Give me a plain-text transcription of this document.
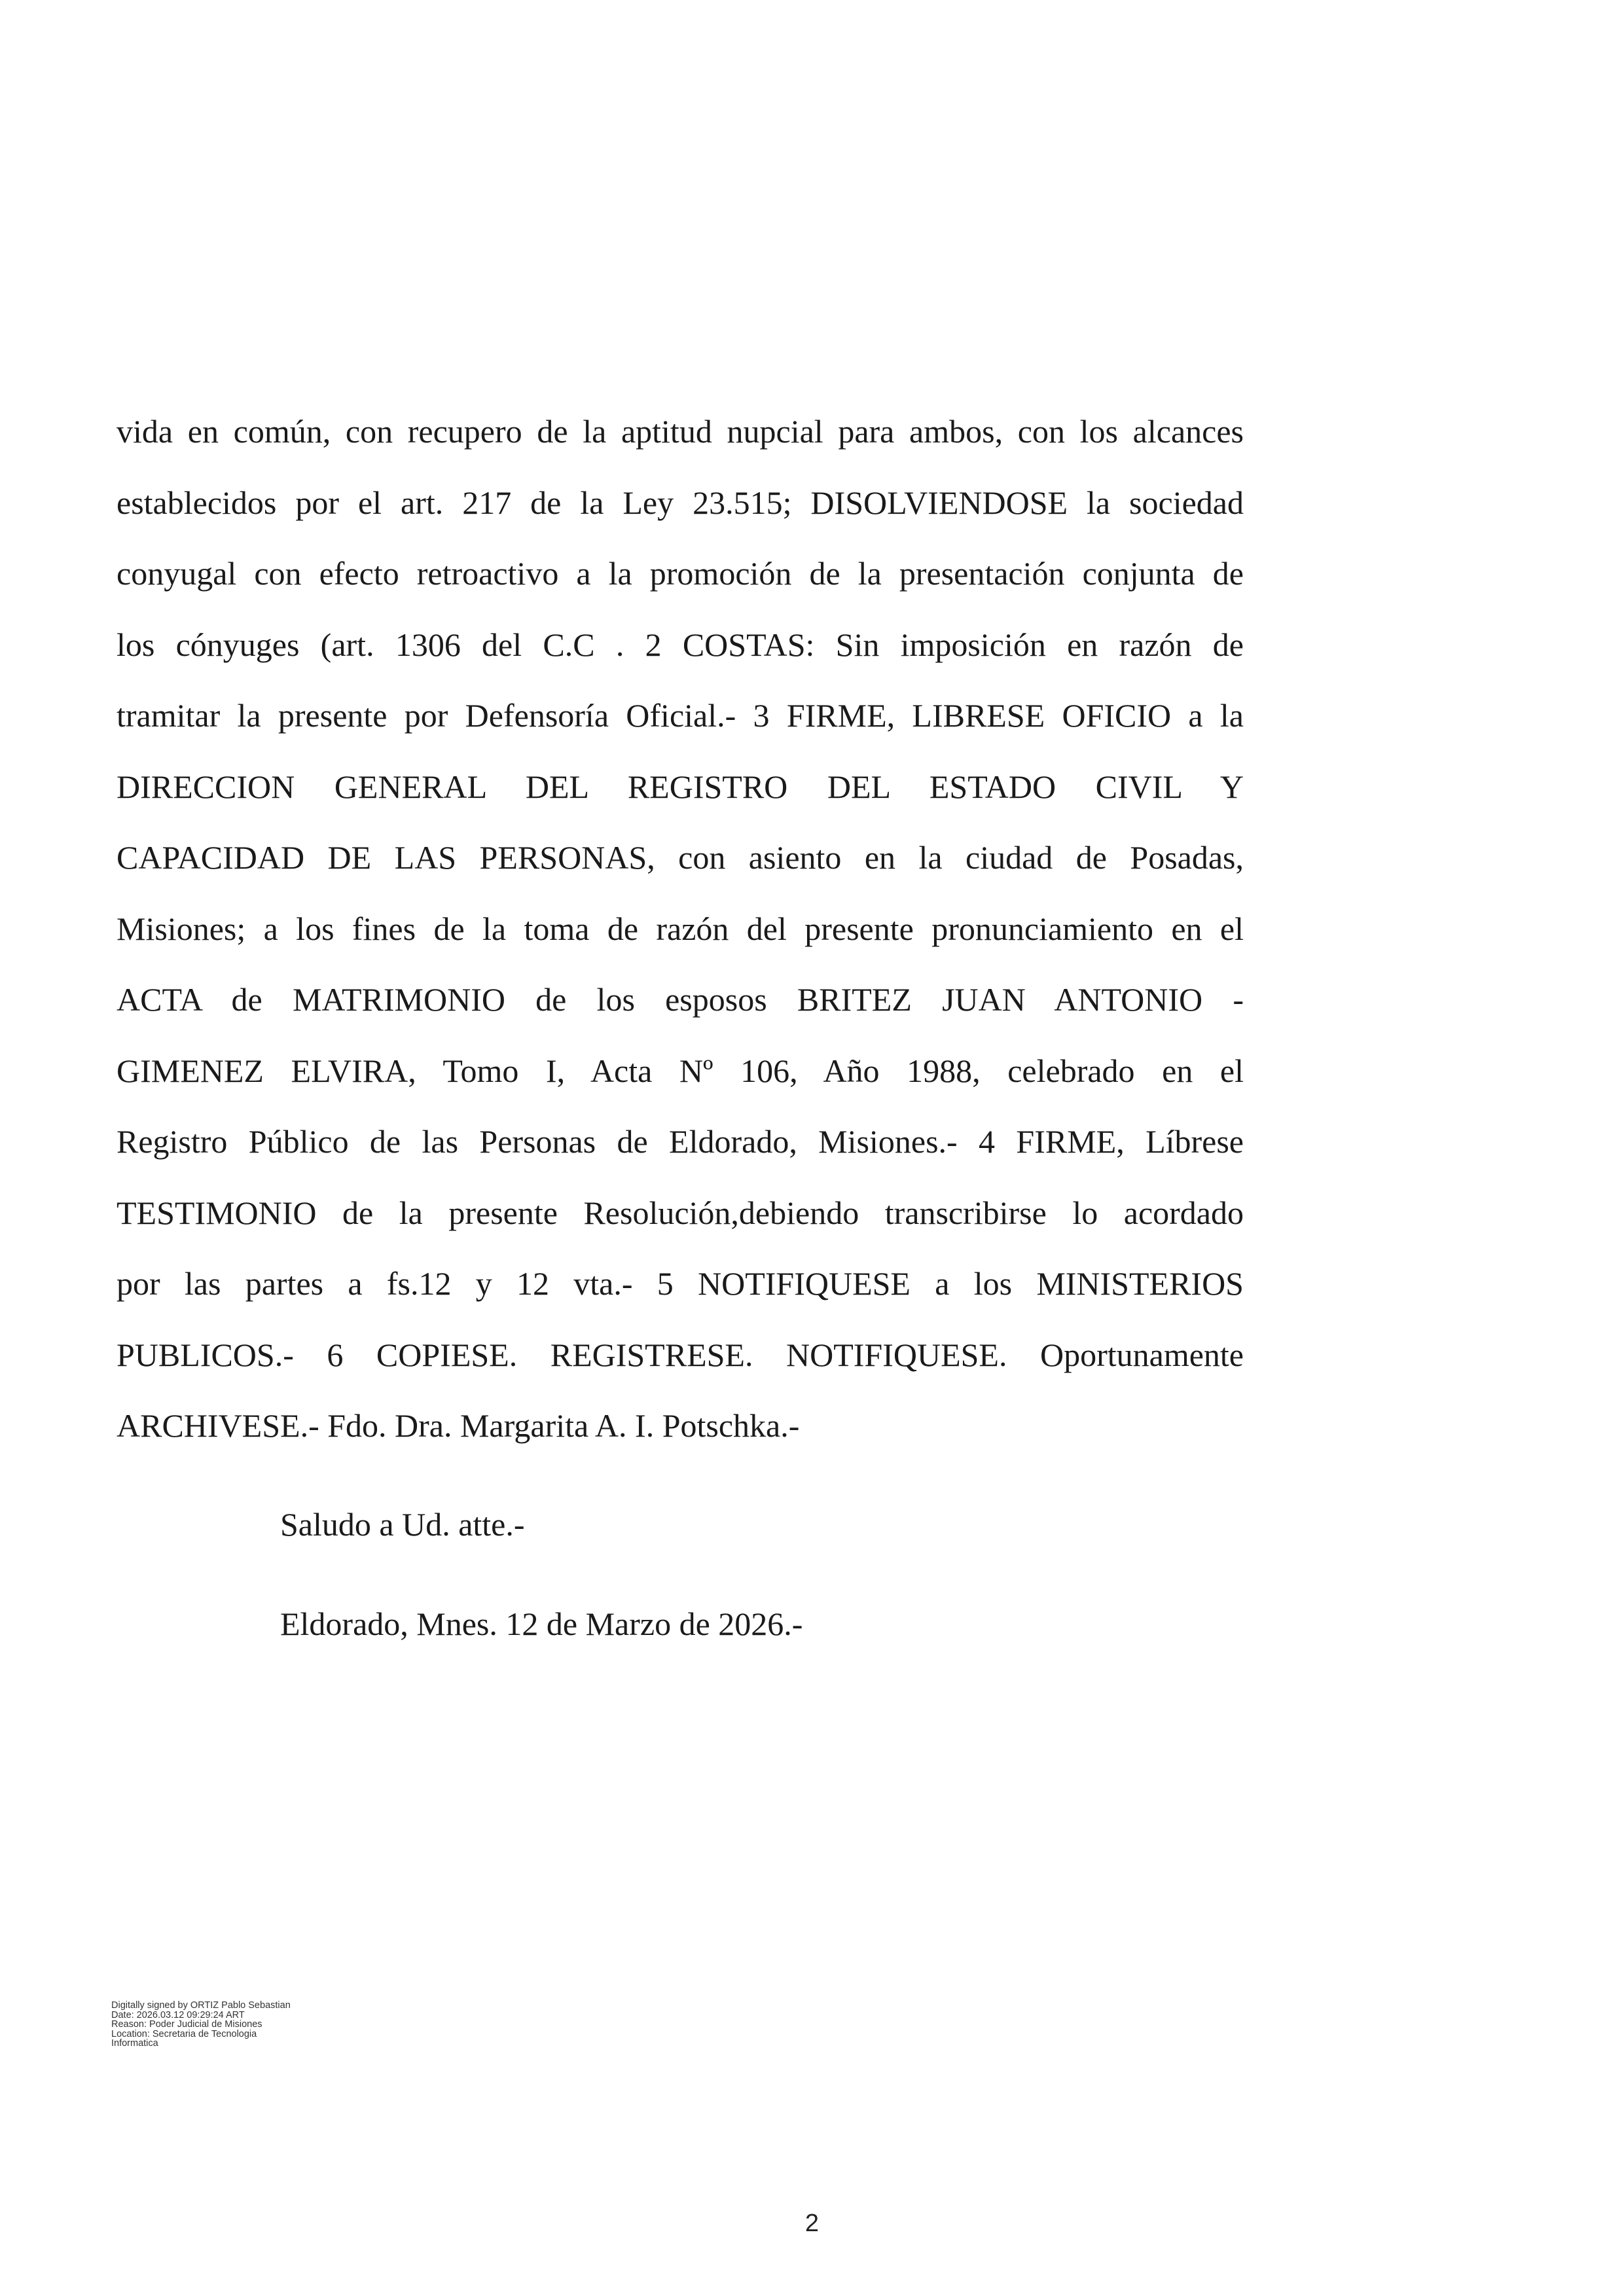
vida en común, con recupero de la aptitud nupcial para ambos, con los alcances
establecidos por el art. 217 de la Ley 23.515; DISOLVIENDOSE la sociedad
conyugal con efecto retroactivo a la promoción de la presentación conjunta de
los cónyuges (art. 1306 del C.C . 2 COSTAS: Sin imposición en razón de
tramitar la presente por Defensoría Oficial.- 3 FIRME, LIBRESE OFICIO a la
DIRECCION GENERAL DEL REGISTRO DEL ESTADO CIVIL Y
CAPACIDAD DE LAS PERSONAS, con asiento en la ciudad de Posadas,
Misiones; a los fines de la toma de razón del presente pronunciamiento en el
ACTA de MATRIMONIO de los esposos BRITEZ JUAN ANTONIO -
GIMENEZ ELVIRA, Tomo I, Acta Nº 106, Año 1988, celebrado en el
Registro Público de las Personas de Eldorado, Misiones.- 4 FIRME, Líbrese
TESTIMONIO de la presente Resolución,debiendo transcribirse lo acordado
por las partes a fs.12 y 12 vta.- 5 NOTIFIQUESE a los MINISTERIOS
PUBLICOS.- 6 COPIESE. REGISTRESE. NOTIFIQUESE. Oportunamente
ARCHIVESE.- Fdo. Dra. Margarita A. I. Potschka.-
Saludo a Ud. atte.-
Eldorado, Mnes. 12 de Marzo de 2026.-
Digitally signed by ORTIZ Pablo Sebastian
Date: 2026.03.12 09:29:24 ART
Reason: Poder Judicial de Misiones
Location: Secretaria de Tecnologia
Informatica
2
